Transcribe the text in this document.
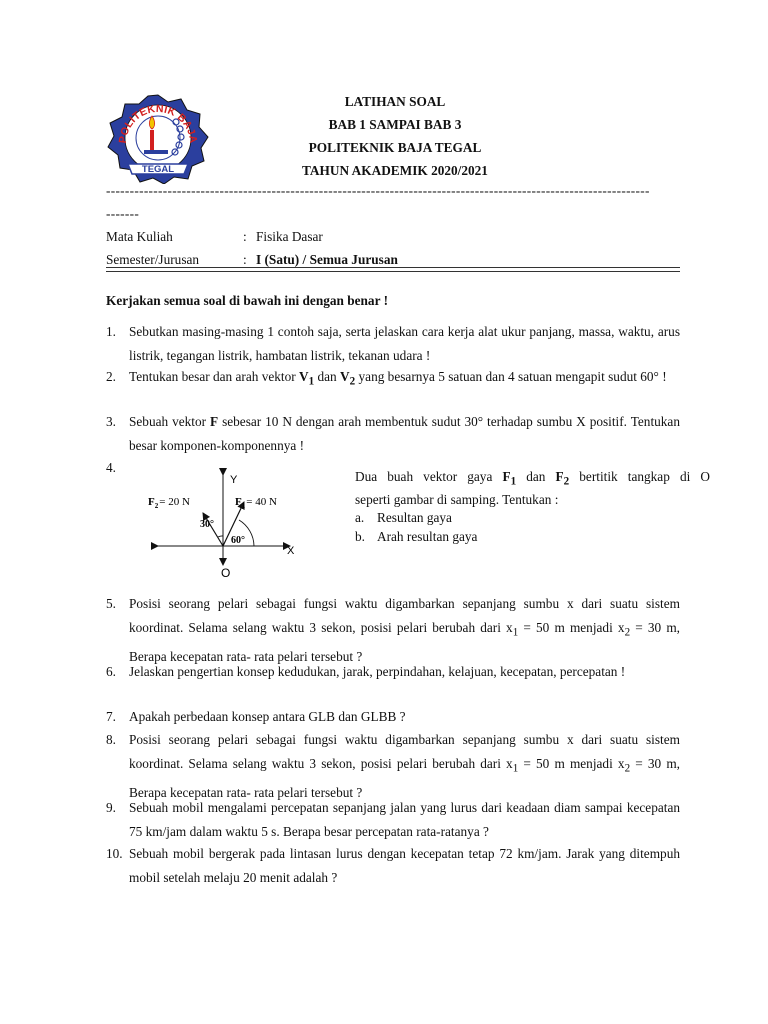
POLITEKNIK BAJA
TEGAL
LATIHAN SOAL
BAB 1 SAMPAI BAB 3
POLITEKNIK BAJA TEGAL
TAHUN AKADEMIK 2020/2021
-------------------------------------------------------------------------------------------------------------------
-------
Mata Kuliah	: Fisika Dasar
Semester/Jurusan	: I (Satu) / Semua Jurusan
Kerjakan semua soal di bawah ini dengan benar !
1. Sebutkan masing-masing 1 contoh saja, serta jelaskan cara kerja alat ukur panjang, massa, waktu, arus listrik, tegangan listrik, hambatan listrik, tekanan udara !
2. Tentukan besar dan arah vektor $V_1$ dan $V_2$ yang besarnya 5 satuan dan 4 satuan mengapit sudut 60° !
3. Sebuah vektor F sebesar 10 N dengan arah membentuk sudut 30° terhadap sumbu X positif. Tentukan besar komponen-komponennya !
4.
Y
X
O
$F_2= 20$ N	$F_1= 40$ N
30°
60°
Dua buah vektor gaya $F_1$ dan $F_2$ bertitik tangkap di O
seperti gambar di samping. Tentukan :
a. Resultan gaya
b. Arah resultan gaya
5. Posisi seorang pelari sebagai fungsi waktu digambarkan sepanjang sumbu x dari suatu sistem koordinat. Selama selang waktu 3 sekon, posisi pelari berubah dari $x_1 = 50$ m menjadi $x_2 = 30$ m, Berapa kecepatan rata- rata pelari tersebut ?
6. Jelaskan pengertian konsep kedudukan, jarak, perpindahan, kelajuan, kecepatan, percepatan !
7. Apakah perbedaan konsep antara GLB dan GLBB ?
8. Posisi seorang pelari sebagai fungsi waktu digambarkan sepanjang sumbu x dari suatu sistem koordinat. Selama selang waktu 3 sekon, posisi pelari berubah dari $x_1 = 50$ m menjadi $x_2 = 30$ m, Berapa kecepatan rata- rata pelari tersebut ?
9. Sebuah mobil mengalami percepatan sepanjang jalan yang lurus dari keadaan diam sampai kecepatan 75 km/jam dalam waktu 5 s. Berapa besar percepatan rata-ratanya ?
10. Sebuah mobil bergerak pada lintasan lurus dengan kecepatan tetap 72 km/jam. Jarak yang ditempuh mobil setelah melaju 20 menit adalah ?
